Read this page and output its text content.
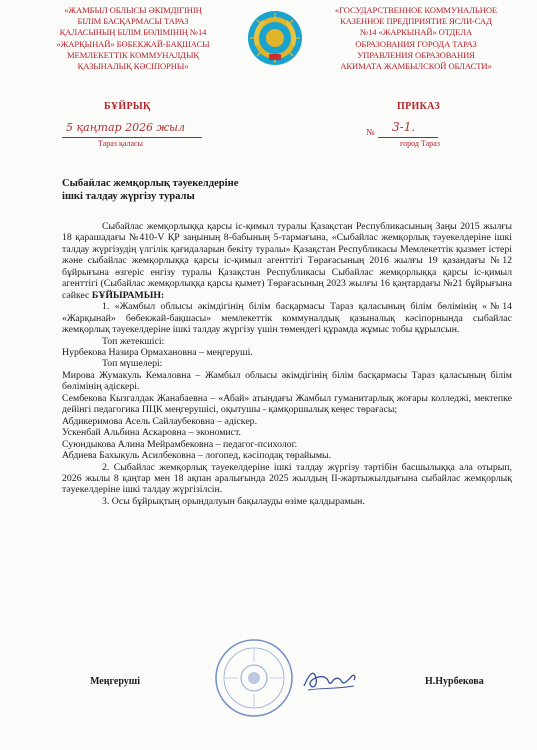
«ЖАМБЫЛ ОБЛЫСЫ ӘКІМДІГІНІҢ
БІЛІМ БАСҚАРМАСЫ ТАРАЗ
ҚАЛАСЫНЫҢ БІЛІМ БӨЛІМІНІҢ №14
«ЖАРҚЫНАЙ» БӨБЕКЖАЙ-БАҚШАСЫ
МЕМЛЕКЕТТІК КОММУНАЛДЫҚ
ҚАЗЫНАЛЫҚ КӘСІПОРНЫ»
«ГОСУДАРСТВЕННОЕ КОММУНАЛЬНОЕ
КАЗЕННОЕ ПРЕДПРИЯТИЕ ЯСЛИ-САД
№14 «ЖАРКЫНАЙ» ОТДЕЛА
ОБРАЗОВАНИЯ ГОРОДА ТАРАЗ
УПРАВЛЕНИЯ ОБРАЗОВАНИЯ
АКИМАТА ЖАМБЫЛСКОЙ ОБЛАСТИ»
БҰЙРЫҚ	ПРИКАЗ
5 қаңтар 2026 жыл
Тараз қаласы
№ 3-1.
город Тараз
Сыбайлас жемқорлық тәуекелдеріне
ішкі талдау жүргізу туралы

Сыбайлас жемқорлыққа қарсы іс-қимыл туралы Қазақстан Республикасының Заңы 2015 жылғы 18 қарашадағы №410-V ҚР заңының 8-бабының 5-тармағына, «Сыбайлас жемқорлық тәуекелдеріне ішкі талдау жүргізудің үлгілік қағидаларын бекіту туралы» Қазақстан Республикасы Мемлекеттік қызмет істері және сыбайлас жемқорлыққа қарсы іс-қимыл агенттігі Төрағасының 2016 жылғы 19 қазандағы №12 бұйрығына өзгеріс енгізу туралы Қазақстан Республикасы Сыбайлас жемқорлыққа қарсы іс-қимыл агенттігі (Сыбайлас жемқорлыққа қарсы қымет) Төрағасының 2023 жылғы 16 қаңтардағы №21 бұйрығына сәйкес БҰЙЫРАМЫН:

1. «Жамбыл облысы әкімдігінің білім басқармасы Тараз қаласының білім бөлімінің «№14 «Жарқынай» бөбекжай-бақшасы» мемлекеттік коммуналдық қазыналық кәсіпорнында сыбайлас жемқорлық тәуекелдеріне ішкі талдау жүргізу үшін төмендегі құрамда жұмыс тобы құрылсын.

Топ жетекшісі:

Нурбекова Назира Ормахановна – меңгеруші.

Топ мүшелері:

Мирова Жумакуль Кемаловна – Жамбыл облысы әкімдігінің білім басқармасы Тараз қаласының білім бөлімінің әдіскері.

Сембекова Кызгалдак Жанабаевна – «Абай» атындағы Жамбыл гуманитарлық жоғары колледжі, мектепке дейінгі педагогика ПЦК меңгерушісі, оқытушы - қамқоршылық кеңес төрағасы;

Абдикеримова Асель Сайлаубековна – әдіскер.

Ускенбай Альбина Аскаровна – экономист.

Суюндыкова Алина Мейрамбековна – педагог-психолог.

Абдиева Бахыкуль Асилбековна – логопед, кәсіподақ төрайымы.

2. Сыбайлас жемқорлық тәуекелдеріне ішкі талдау жүргізу тәртібін басшылыққа ала отырып, 2026 жылы 8 қаңтар мен 18 ақпан аралығында 2025 жылдың II-жартыжылдығына сыбайлас жемқорлық тәуекелдеріне ішкі талдау жүргізілсін.

3. Осы бұйрықтың орындалуын бақылауды өзіме қалдырамын.

Меңгеруші	Н.Нурбекова
